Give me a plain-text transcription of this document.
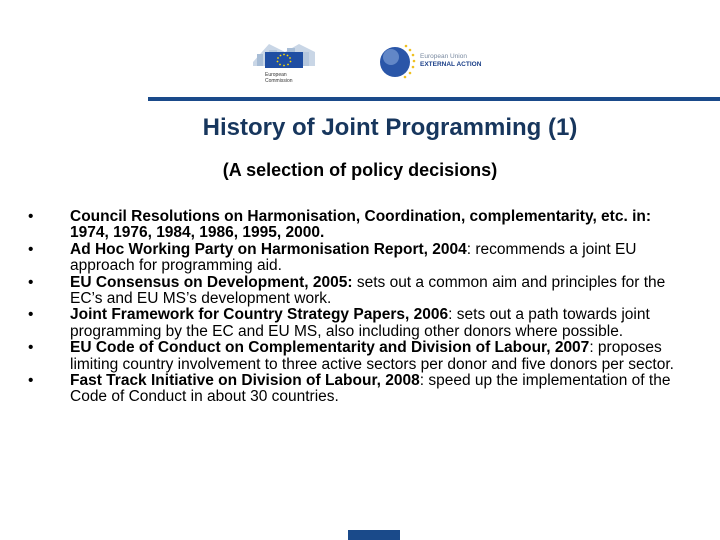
European
Commission
European Union
EXTERNAL ACTION
History of Joint Programming (1)
(A selection of policy decisions)
• Council Resolutions on Harmonisation, Coordination, complementarity, etc. in: 1974, 1976, 1984, 1986, 1995, 2000.
• Ad Hoc Working Party on Harmonisation Report, 2004: recommends a joint EU approach for programming aid.
• EU Consensus on Development, 2005: sets out a common aim and principles for the EC’s and EU MS’s development work.
• Joint Framework for Country Strategy Papers, 2006: sets out a path towards joint programming by the EC and EU MS, also including other donors where possible.
• EU Code of Conduct on Complementarity and Division of Labour, 2007: proposes limiting country involvement to three active sectors per donor and five donors per sector.
• Fast Track Initiative on Division of Labour, 2008: speed up the implementation of the Code of Conduct in about 30 countries.
